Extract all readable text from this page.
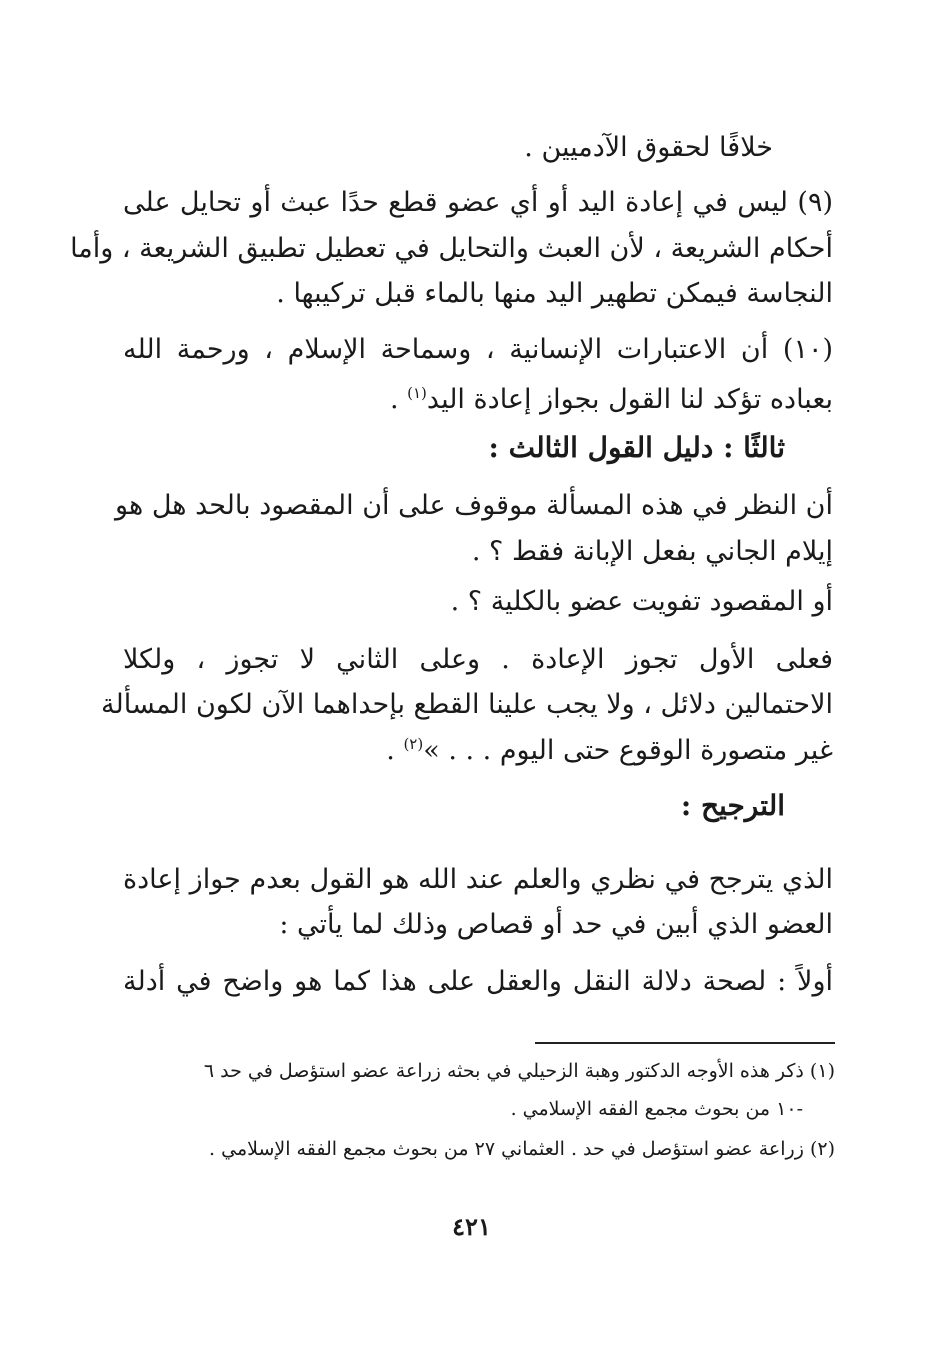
خلافًا لحقوق الآدميين .
(٩) ليس في إعادة اليد أو أي عضو قطع حدًا عبث أو تحايل على
أحكام الشريعة ، لأن العبث والتحايل في تعطيل تطبيق الشريعة ، وأما
النجاسة فيمكن تطهير اليد منها بالماء قبل تركيبها .
(١٠) أن الاعتبارات الإنسانية ، وسماحة الإسلام ، ورحمة الله
بعباده تؤكد لنا القول بجواز إعادة اليد$^{(١)}$ .
ثالثًا : دليل القول الثالث :
أن النظر في هذه المسألة موقوف على أن المقصود بالحد هل هو
إيلام الجاني بفعل الإبانة فقط ؟ .
أو المقصود تفويت عضو بالكلية ؟ .
فعلى الأول تجوز الإعادة . وعلى الثاني لا تجوز ، ولكلا
الاحتمالين دلائل ، ولا يجب علينا القطع بإحداهما الآن لكون المسألة
غير متصورة الوقوع حتى اليوم . . . »$^{(٢)}$ .
الترجيح :
الذي يترجح في نظري والعلم عند الله هو القول بعدم جواز إعادة
العضو الذي أبين في حد أو قصاص وذلك لما يأتي :
أولاً : لصحة دلالة النقل والعقل على هذا كما هو واضح في أدلة
(١) ذكر هذه الأوجه الدكتور وهبة الزحيلي في بحثه زراعة عضو استؤصل في حد ٦
-١٠ من بحوث مجمع الفقه الإسلامي .
(٢) زراعة عضو استؤصل في حد . العثماني ٢٧ من بحوث مجمع الفقه الإسلامي .
٤٢١
